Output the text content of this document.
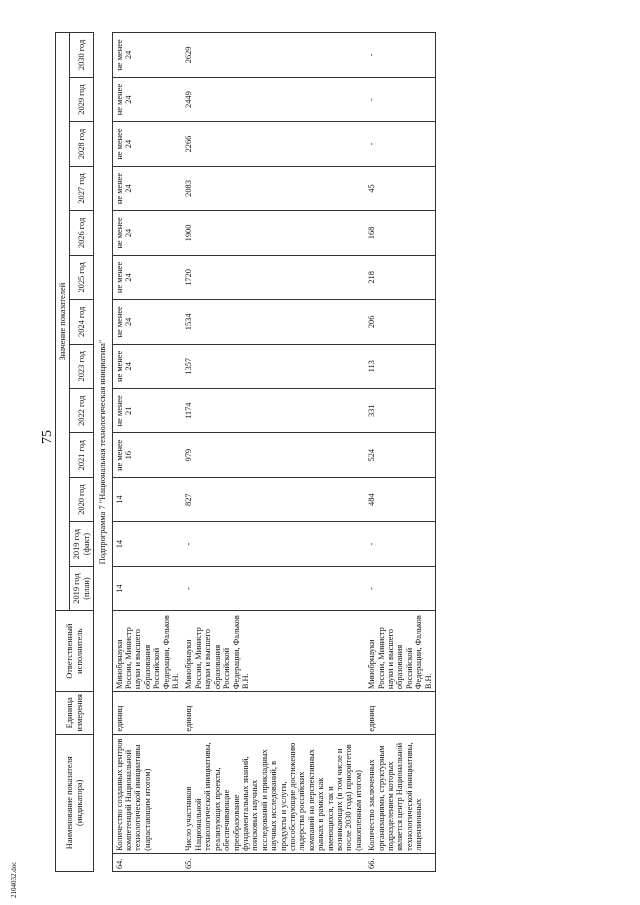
75
2104032.doc
Наименование показателя (индикатора)		Единица измерения	Ответственный исполнитель	Значение показателей												
				2019 год (план)	2019 год (факт)	2020 год	2021 год	2022 год	2023 год	2024 год	2025 год	2026 год	2027 год	2028 год	2029 год	2030 год
Подпрограмма 7 "Национальная технологическая инициатива"																
64.	Количество созданных центров компетенций Национальной технологической инициативы (нарастающим итогом)	единиц	Минобрнауки России, Министр науки и высшего образования Российской Федерации, Фальков В.Н.	14	14	14	не менее 16	не менее 21	не менее 24	не менее 24	не менее 24	не менее 24	не менее 24	не менее 24	не менее 24	не менее 24
65.	Число участников Национальной технологической инициативы, реализующих проекты, обеспечивающие преобразование фундаментальных знаний, поисковых научных исследований и прикладных научных исследований, в продукты и услуги, способствующие достижению лидерства российских компаний на перспективных рынках в рамках как имеющихся, так и возникающих (в том числе и после 2030 года) приоритетов (накопленным итогом)	единиц	Минобрнауки России, Министр науки и высшего образования Российской Федерации, Фальков В.Н.	-	-	827	979	1174	1357	1534	1720	1900	2083	2266	2449	2629
66.	Количество заключенных организациями, структурным подразделением которых является центр Национальной технологической инициативы, лицензионных	единиц	Минобрнауки России, Министр науки и высшего образования Российской Федерации, Фальков В.Н.	-	-	484	524	331	113	206	218	168	45	-	-	-
